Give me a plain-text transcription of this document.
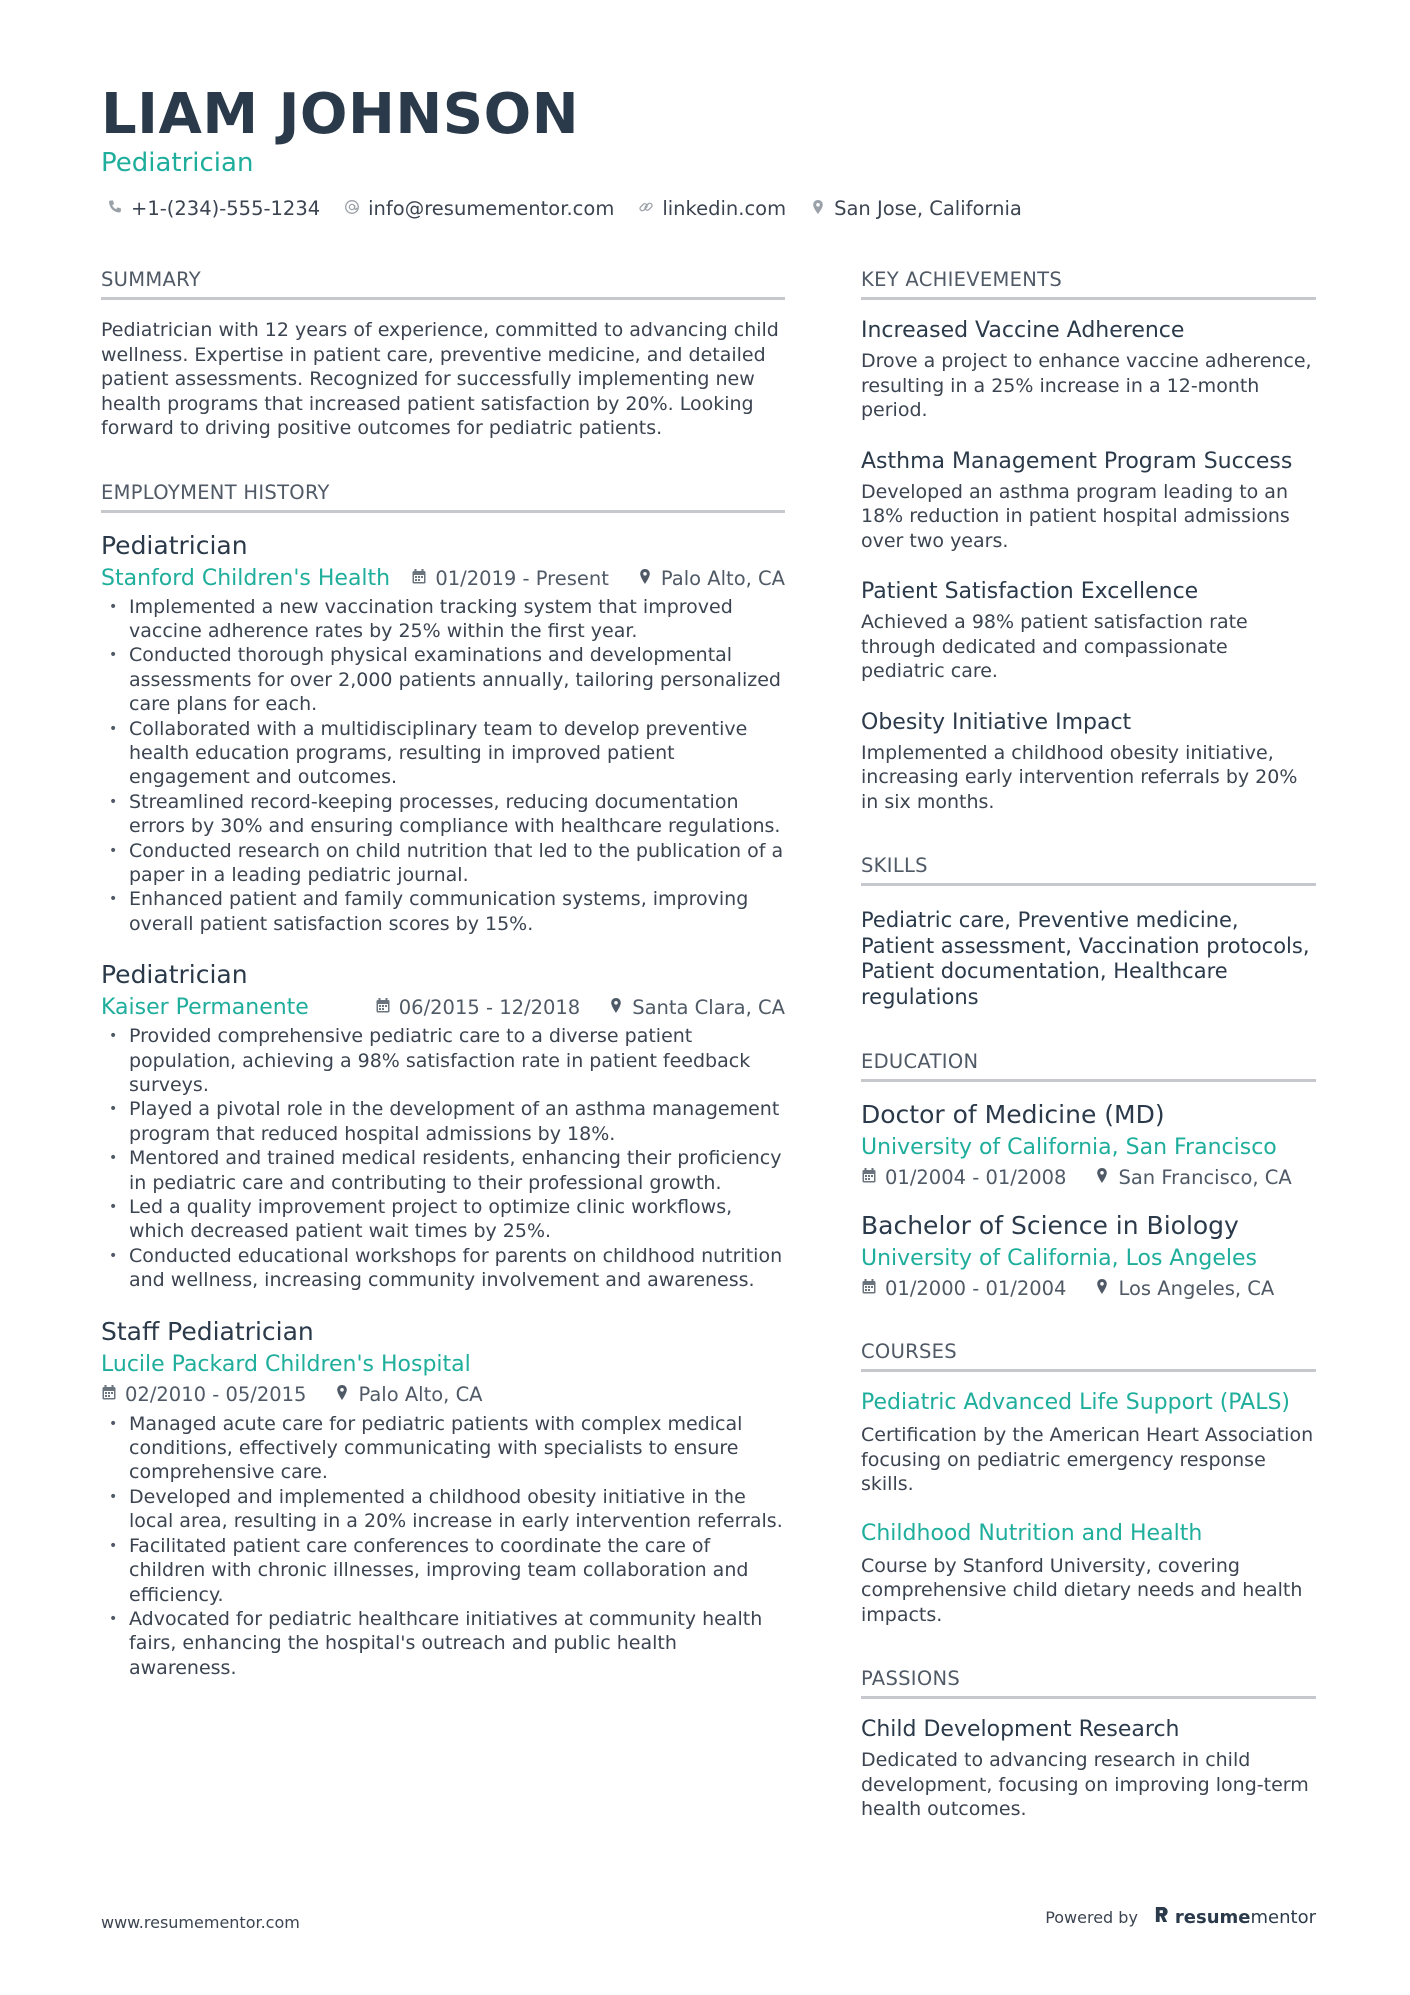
LIAM JOHNSON
Pediatrician
+1-(234)-555-1234 info@resumementor.com linkedin.com San Jose, California
SUMMARY

Pediatrician with 12 years of experience, committed to advancing child wellness. Expertise in patient care, preventive medicine, and detailed patient assessments. Recognized for successfully implementing new health programs that increased patient satisfaction by 20%. Looking forward to driving positive outcomes for pediatric patients.

EMPLOYMENT HISTORY
Pediatrician
Stanford Children's Health 01/2019 - Present	Palo Alto, CA
• Implemented a new vaccination tracking system that improved vaccine adherence rates by 25% within the first year.
• Conducted thorough physical examinations and developmental assessments for over 2,000 patients annually, tailoring personalized care plans for each.
• Collaborated with a multidisciplinary team to develop preventive health education programs, resulting in improved patient engagement and outcomes.
• Streamlined record-keeping processes, reducing documentation errors by 30% and ensuring compliance with healthcare regulations.
• Conducted research on child nutrition that led to the publication of a paper in a leading pediatric journal.
• Enhanced patient and family communication systems, improving overall patient satisfaction scores by 15%.
Pediatrician
Kaiser Permanente	06/2015 - 12/2018	Santa Clara, CA
• Provided comprehensive pediatric care to a diverse patient population, achieving a 98% satisfaction rate in patient feedback surveys.
• Played a pivotal role in the development of an asthma management program that reduced hospital admissions by 18%.
• Mentored and trained medical residents, enhancing their proficiency in pediatric care and contributing to their professional growth.
• Led a quality improvement project to optimize clinic workflows, which decreased patient wait times by 25%.
• Conducted educational workshops for parents on childhood nutrition and wellness, increasing community involvement and awareness.
Staff Pediatrician
Lucile Packard Children's Hospital
02/2010 - 05/2015	Palo Alto, CA
• Managed acute care for pediatric patients with complex medical conditions, effectively communicating with specialists to ensure comprehensive care.
• Developed and implemented a childhood obesity initiative in the local area, resulting in a 20% increase in early intervention referrals.
• Facilitated patient care conferences to coordinate the care of children with chronic illnesses, improving team collaboration and efficiency.
• Advocated for pediatric healthcare initiatives at community health fairs, enhancing the hospital's outreach and public health awareness.
KEY ACHIEVEMENTS
Increased Vaccine Adherence

Drove a project to enhance vaccine adherence, resulting in a 25% increase in a 12-month period.

Asthma Management Program Success

Developed an asthma program leading to an 18% reduction in patient hospital admissions over two years.

Patient Satisfaction Excellence

Achieved a 98% patient satisfaction rate through dedicated and compassionate pediatric care.

Obesity Initiative Impact

Implemented a childhood obesity initiative, increasing early intervention referrals by 20% in six months.

SKILLS

Pediatric care, Preventive medicine, Patient assessment, Vaccination protocols, Patient documentation, Healthcare regulations

EDUCATION
Doctor of Medicine (MD)
University of California, San Francisco
01/2004 - 01/2008	San Francisco, CA
Bachelor of Science in Biology
University of California, Los Angeles
01/2000 - 01/2004	Los Angeles, CA
COURSES
Pediatric Advanced Life Support (PALS)

Certification by the American Heart Association focusing on pediatric emergency response skills.

Childhood Nutrition and Health

Course by Stanford University, covering comprehensive child dietary needs and health impacts.

PASSIONS
Child Development Research

Dedicated to advancing research in child development, focusing on improving long-term health outcomes.

www.resumementor.com	Powered by resumementor
